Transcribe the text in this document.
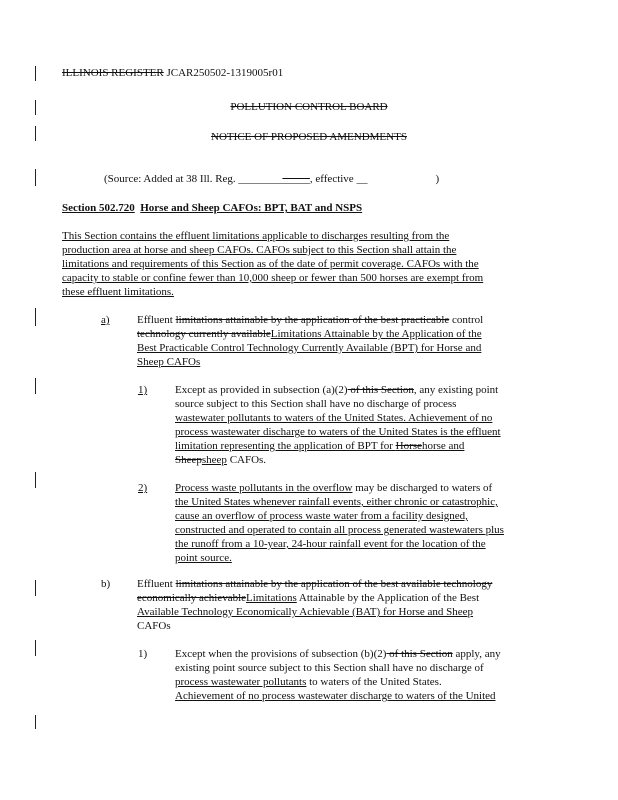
ILLINOIS REGISTER JCAR250502-1319005r01
POLLUTION CONTROL BOARD
NOTICE OF PROPOSED AMENDMENTS
(Source: Added at 38 Ill. Reg. _____________, effective __	)
Section 502.720 Horse and Sheep CAFOs: BPT, BAT and NSPS
This Section contains the effluent limitations applicable to discharges resulting from the
production area at horse and sheep CAFOs. CAFOs subject to this Section shall attain the
limitations and requirements of this Section as of the date of permit coverage. CAFOs with the
capacity to stable or confine fewer than 10,000 sheep or fewer than 500 horses are exempt from
these effluent limitations.
a) Effluent limitations attainable by the application of the best practicable control
technology currently availableLimitations Attainable by the Application of the
Best Practicable Control Technology Currently Available (BPT) for Horse and
Sheep CAFOs
1)	Except as provided in subsection (a)(2) of this Section, any existing point
source subject to this Section shall have no discharge of process
wastewater pollutants to waters of the United States. Achievement of no
process wastewater discharge to waters of the United States is the effluent
limitation representing the application of BPT for Horsehorse and
Sheepsheep CAFOs.
2)	Process waste pollutants in the overflow may be discharged to waters of
the United States whenever rainfall events, either chronic or catastrophic,
cause an overflow of process waste water from a facility designed,
constructed and operated to contain all process generated wastewaters plus
the runoff from a 10-year, 24-hour rainfall event for the location of the
point source.
b) Effluent limitations attainable by the application of the best available technology
economically achievableLimitations Attainable by the Application of the Best
Available Technology Economically Achievable (BAT) for Horse and Sheep
CAFOs
1)	Except when the provisions of subsection (b)(2) of this Section apply, any
existing point source subject to this Section shall have no discharge of
process wastewater pollutants to waters of the United States.
Achievement of no process wastewater discharge to waters of the United
